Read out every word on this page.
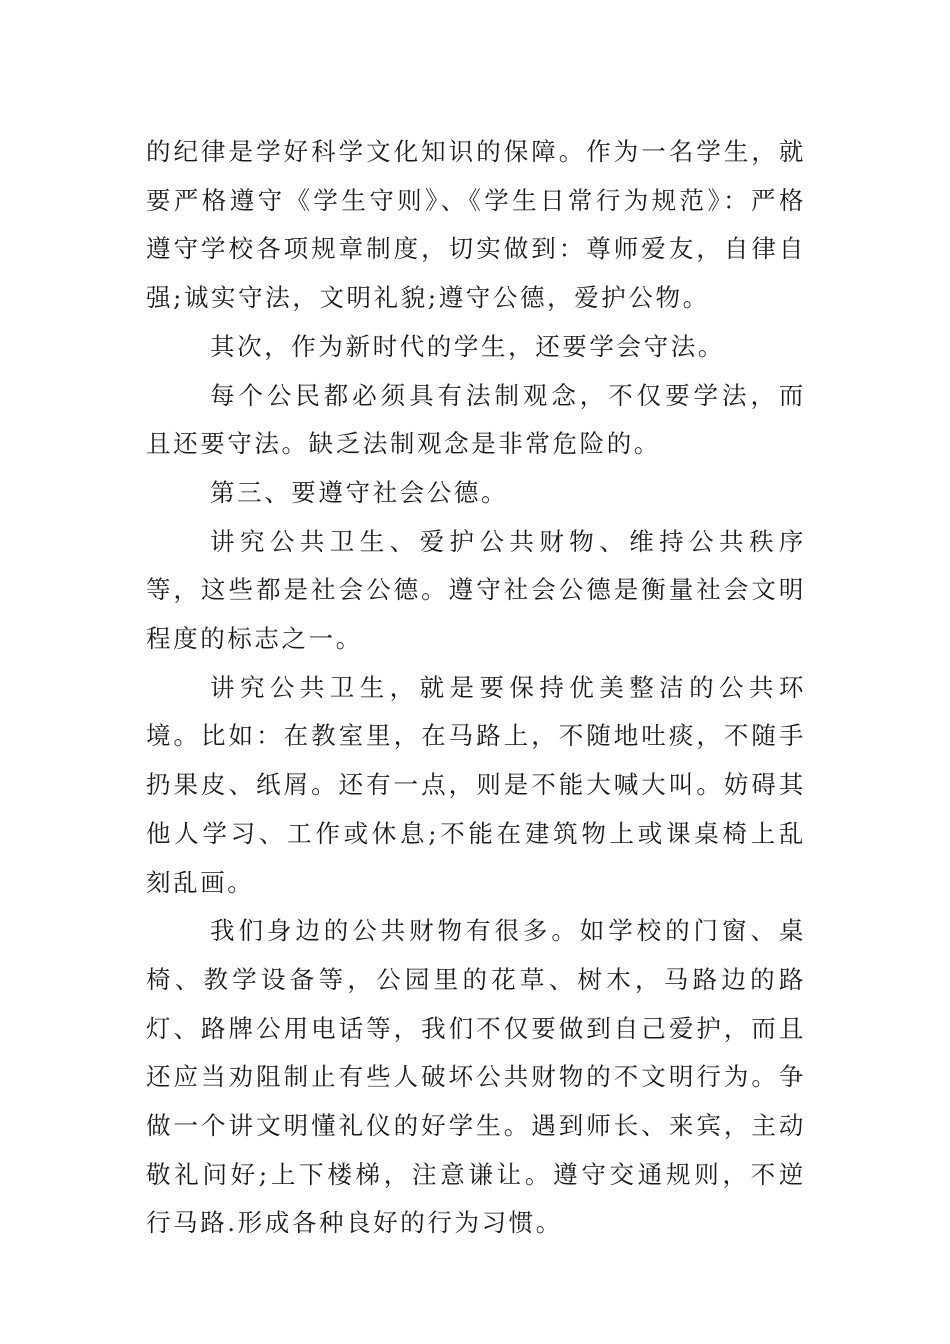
的纪律是学好科学文化知识的保障。作为一名学生，就要严格遵守《学生守则》、《学生日常行为规范》：严格遵守学校各项规章制度，切实做到：尊师爱友，自律自强;诚实守法，文明礼貌;遵守公德，爱护公物。

其次，作为新时代的学生，还要学会守法。

每个公民都必须具有法制观念，不仅要学法，而且还要守法。缺乏法制观念是非常危险的。

第三、要遵守社会公德。

讲究公共卫生、爱护公共财物、维持公共秩序等，这些都是社会公德。遵守社会公德是衡量社会文明程度的标志之一。

讲究公共卫生，就是要保持优美整洁的公共环境。比如：在教室里，在马路上，不随地吐痰，不随手扔果皮、纸屑。还有一点，则是不能大喊大叫。妨碍其他人学习、工作或休息;不能在建筑物上或课桌椅上乱刻乱画。

我们身边的公共财物有很多。如学校的门窗、桌椅、教学设备等，公园里的花草、树木，马路边的路灯、路牌公用电话等，我们不仅要做到自己爱护，而且还应当劝阻制止有些人破坏公共财物的不文明行为。争做一个讲文明懂礼仪的好学生。遇到师长、来宾，主动敬礼问好;上下楼梯，注意谦让。遵守交通规则，不逆行马路.形成各种良好的行为习惯。
